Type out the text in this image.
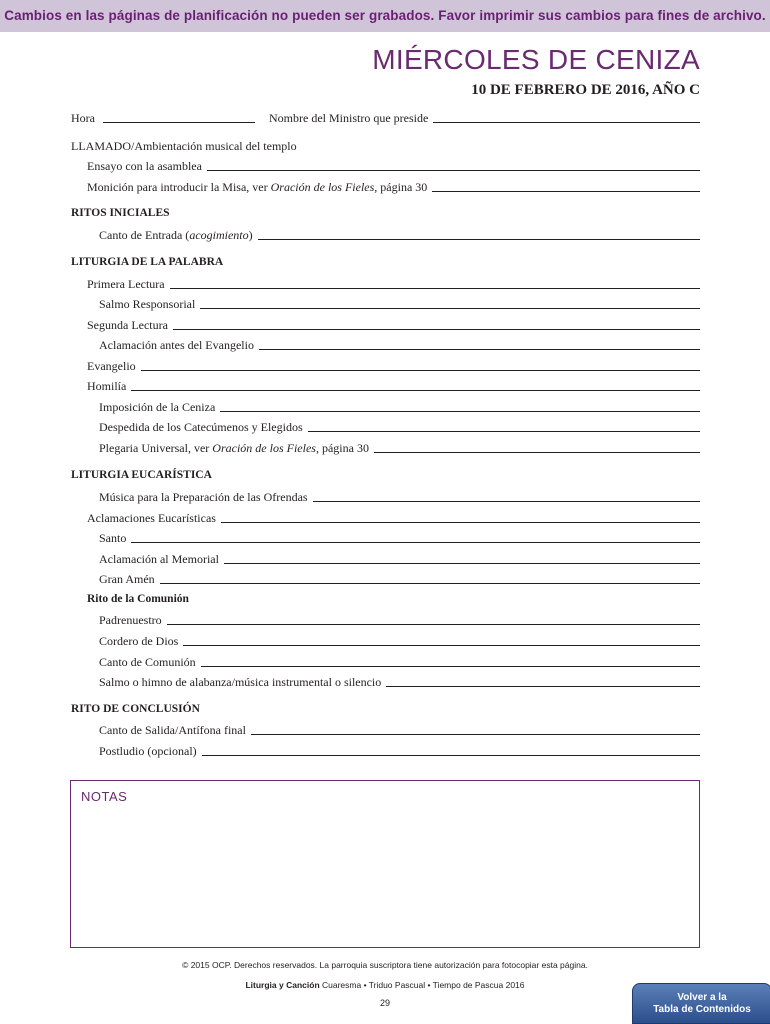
Cambios en las páginas de planificación no pueden ser grabados. Favor imprimir sus cambios para fines de archivo.
MIÉRCOLES DE CENIZA
10 DE FEBRERO DE 2016, AÑO C
Hora	Nombre del Ministro que preside
LLAMADO/Ambientación musical del templo
Ensayo con la asamblea
Monición para introducir la Misa, ver Oración de los Fieles, página 30
RITOS INICIALES
Canto de Entrada (acogimiento)
LITURGIA DE LA PALABRA
Primera Lectura
Salmo Responsorial
Segunda Lectura
Aclamación antes del Evangelio
Evangelio
Homilía
Imposición de la Ceniza
Despedida de los Catecúmenos y Elegidos
Plegaria Universal, ver Oración de los Fieles, página 30
LITURGIA EUCARÍSTICA
Música para la Preparación de las Ofrendas
Aclamaciones Eucarísticas
Santo
Aclamación al Memorial
Gran Amén
Rito de la Comunión
Padrenuestro
Cordero de Dios
Canto de Comunión
Salmo o himno de alabanza/música instrumental o silencio
RITO DE CONCLUSIÓN
Canto de Salida/Antífona final
Postludio (opcional)
NOTAS
© 2015 OCP. Derechos reservados. La parroquia suscriptora tiene autorización para fotocopiar esta página.
Liturgia y Canción Cuaresma • Triduo Pascual • Tiempo de Pascua 2016
29	Volver a la
Tabla de Contenidos
